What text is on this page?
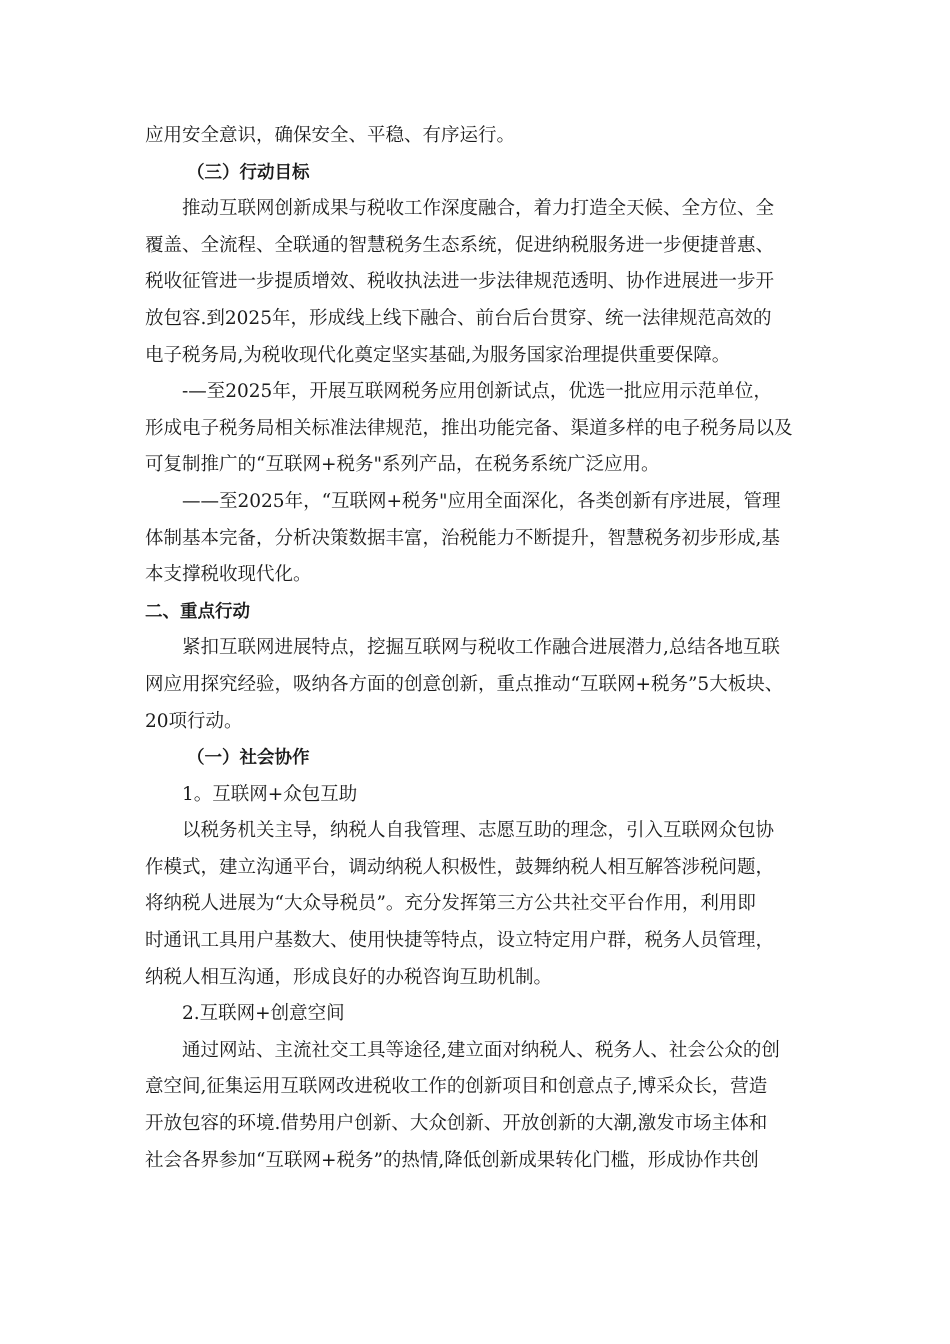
应用安全意识，确保安全、平稳、有序运行。

（三）行动目标

推动互联网创新成果与税收工作深度融合，着力打造全天候、全方位、全

覆盖、全流程、全联通的智慧税务生态系统，促进纳税服务进一步便捷普惠、

税收征管进一步提质增效、税收执法进一步法律规范透明、协作进展进一步开

放包容.到2025年，形成线上线下融合、前台后台贯穿、统一法律规范高效的

电子税务局,为税收现代化奠定坚实基础,为服务国家治理提供重要保障。

-—至2025年，开展互联网税务应用创新试点，优选一批应用示范单位，

形成电子税务局相关标准法律规范，推出功能完备、渠道多样的电子税务局以及

可复制推广的“互联网+税务"系列产品，在税务系统广泛应用。

——至2025年，“互联网+税务"应用全面深化，各类创新有序进展，管理

体制基本完备，分析决策数据丰富，治税能力不断提升，智慧税务初步形成,基

本支撑税收现代化。

二、重点行动

紧扣互联网进展特点，挖掘互联网与税收工作融合进展潜力,总结各地互联

网应用探究经验，吸纳各方面的创意创新，重点推动“互联网+税务”5大板块、

20项行动。

（一）社会协作

1。互联网+众包互助

以税务机关主导，纳税人自我管理、志愿互助的理念，引入互联网众包协

作模式，建立沟通平台，调动纳税人积极性，鼓舞纳税人相互解答涉税问题，

将纳税人进展为“大众导税员”。充分发挥第三方公共社交平台作用，利用即

时通讯工具用户基数大、使用快捷等特点，设立特定用户群，税务人员管理，

纳税人相互沟通，形成良好的办税咨询互助机制。

2.互联网+创意空间

通过网站、主流社交工具等途径,建立面对纳税人、税务人、社会公众的创

意空间,征集运用互联网改进税收工作的创新项目和创意点子,博采众长，营造

开放包容的环境.借势用户创新、大众创新、开放创新的大潮,激发市场主体和

社会各界参加“互联网+税务”的热情,降低创新成果转化门槛，形成协作共创
